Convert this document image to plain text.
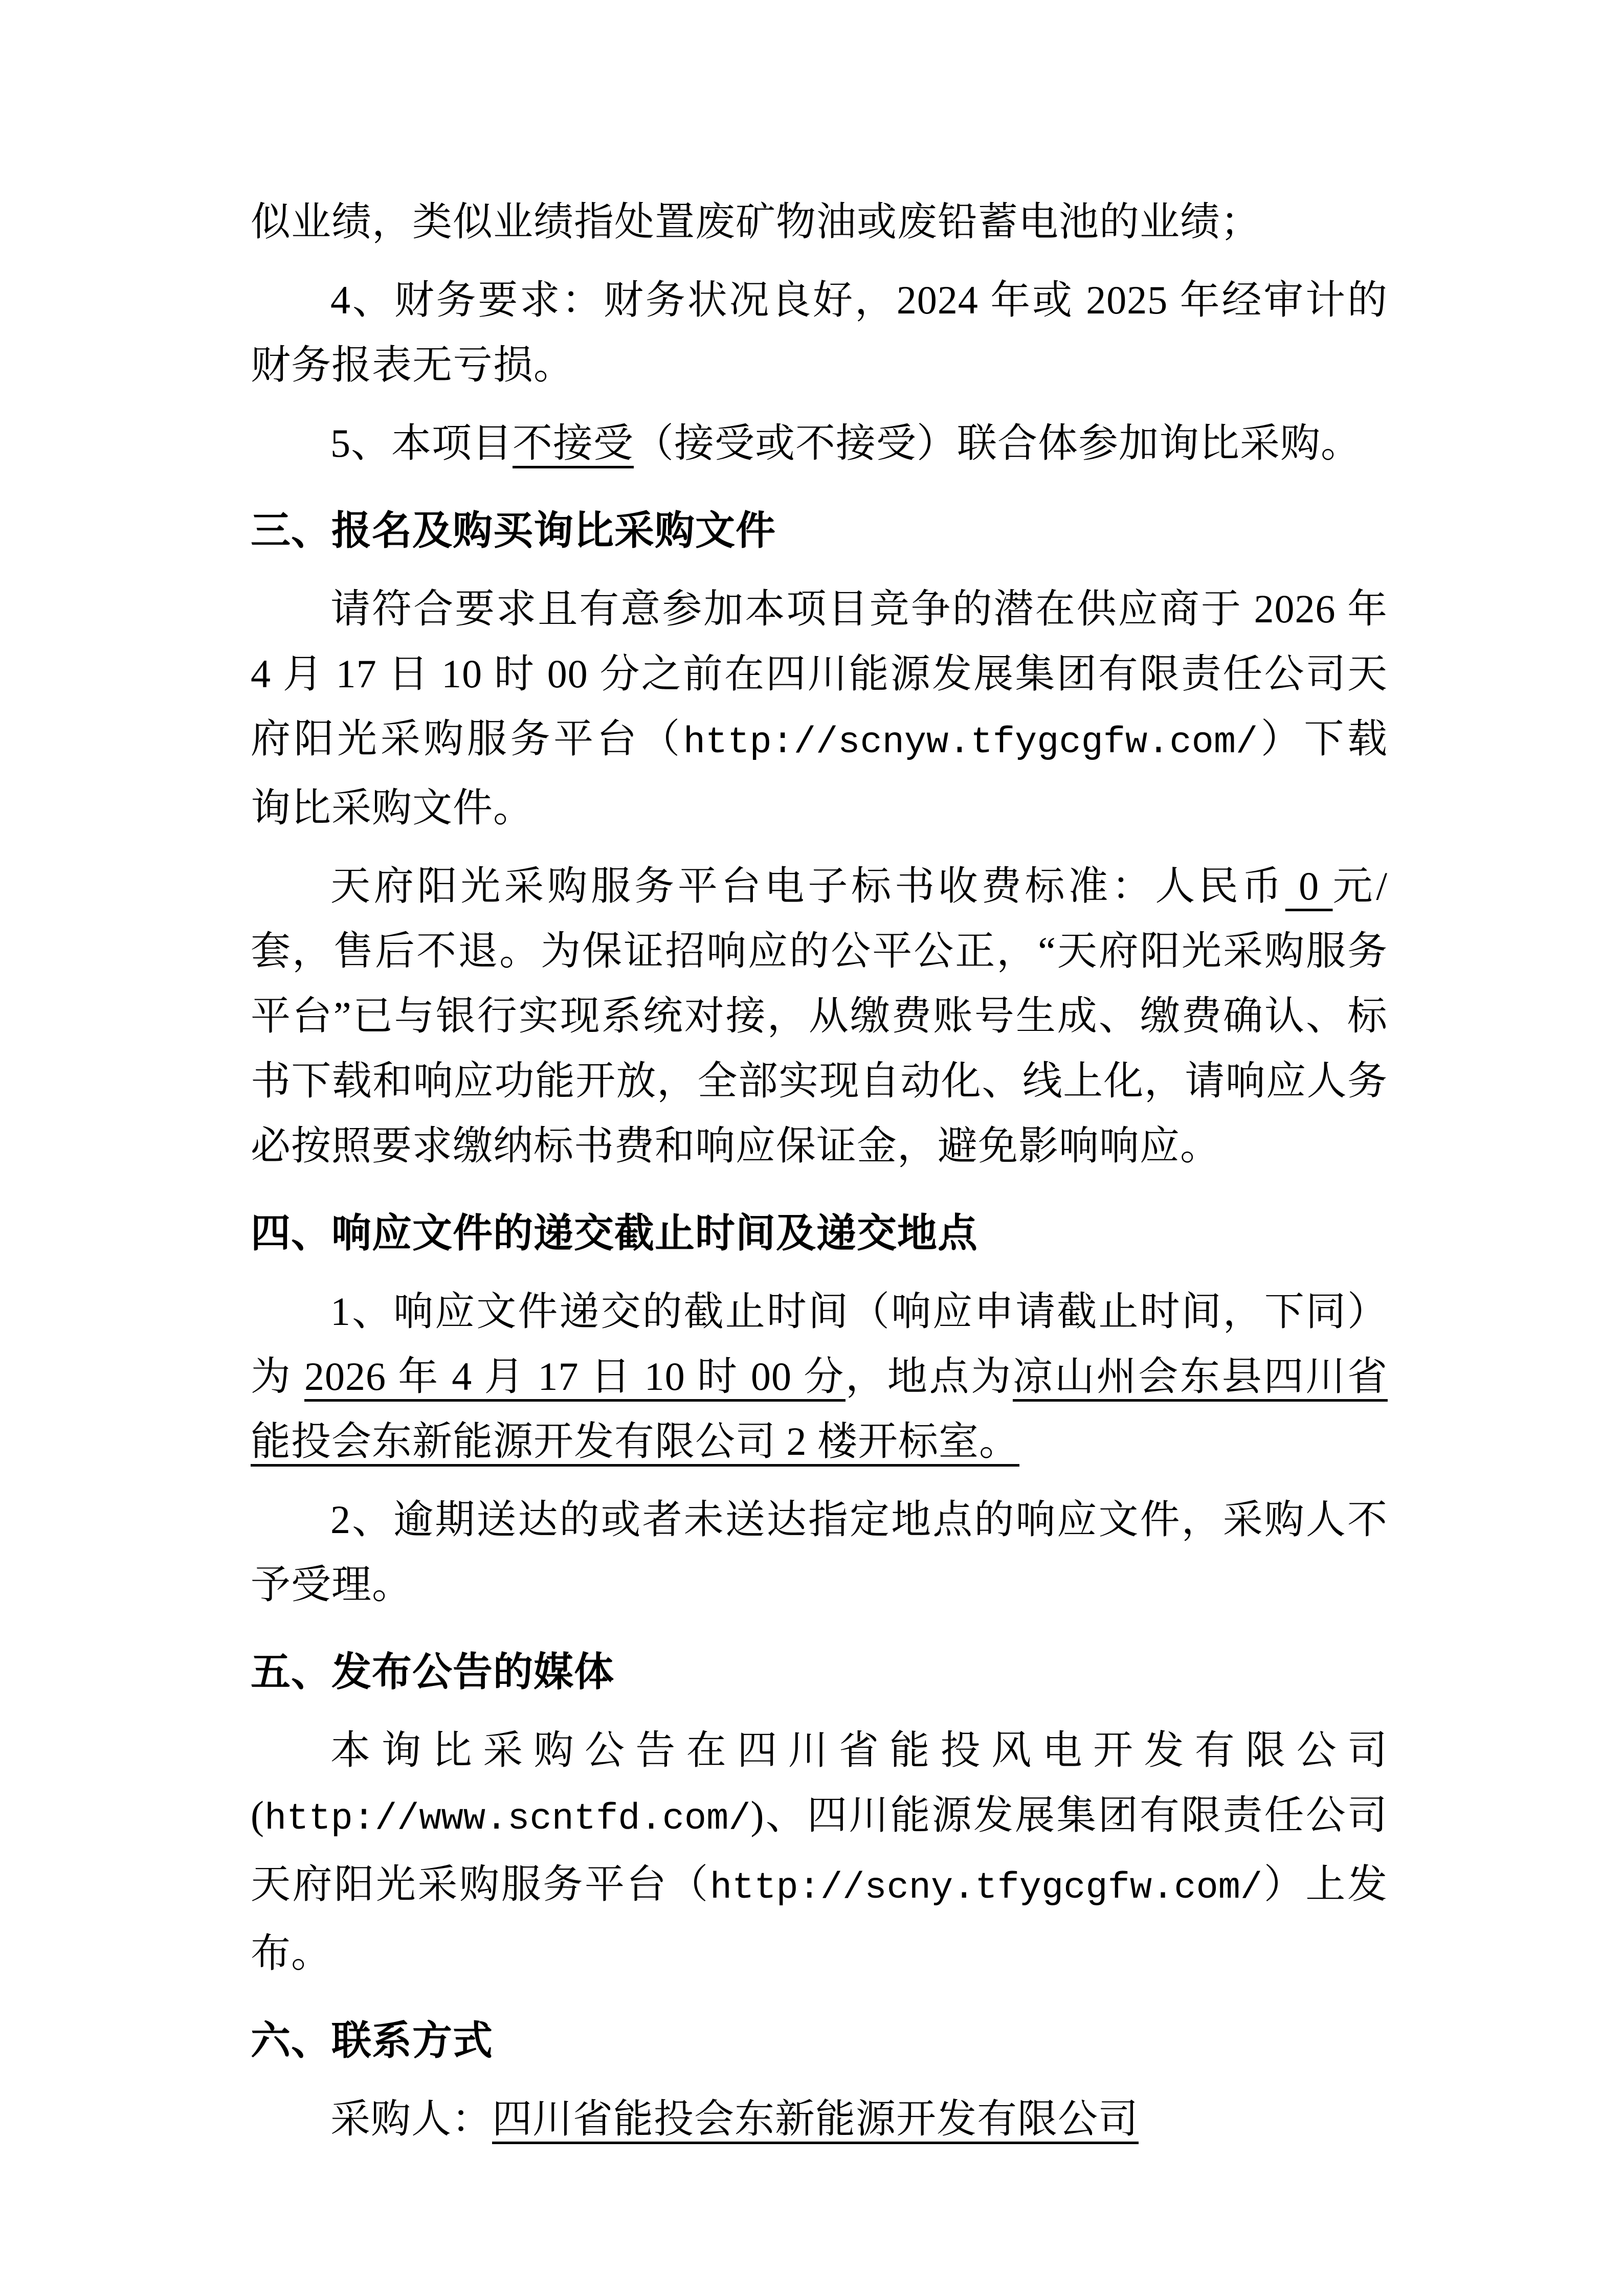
似业绩，类似业绩指处置废矿物油或废铅蓄电池的业绩；

4、财务要求：财务状况良好，2024 年或 2025 年经审计的财务报表无亏损。

5、本项目不接受（接受或不接受）联合体参加询比采购。

三、报名及购买询比采购文件

请符合要求且有意参加本项目竞争的潜在供应商于 2026 年 4 月 17 日 10 时 00 分之前在四川能源发展集团有限责任公司天府阳光采购服务平台（http://scnyw.tfygcgfw.com/）下载询比采购文件。

天府阳光采购服务平台电子标书收费标准：人民币 0 元/套，售后不退。为保证招响应的公平公正，“天府阳光采购服务平台”已与银行实现系统对接，从缴费账号生成、缴费确认、标书下载和响应功能开放，全部实现自动化、线上化，请响应人务必按照要求缴纳标书费和响应保证金，避免影响响应。

四、响应文件的递交截止时间及递交地点

1、响应文件递交的截止时间（响应申请截止时间，下同）为 2026 年 4 月 17 日 10 时 00 分，地点为凉山州会东县四川省能投会东新能源开发有限公司 2 楼开标室。

2、逾期送达的或者未送达指定地点的响应文件，采购人不予受理。

五、发布公告的媒体

本询比采购公告在四川省能投风电开发有限公司(http://www.scntfd.com/)、四川能源发展集团有限责任公司天府阳光采购服务平台（http://scny.tfygcgfw.com/）上发布。

六、联系方式

采购人：四川省能投会东新能源开发有限公司
